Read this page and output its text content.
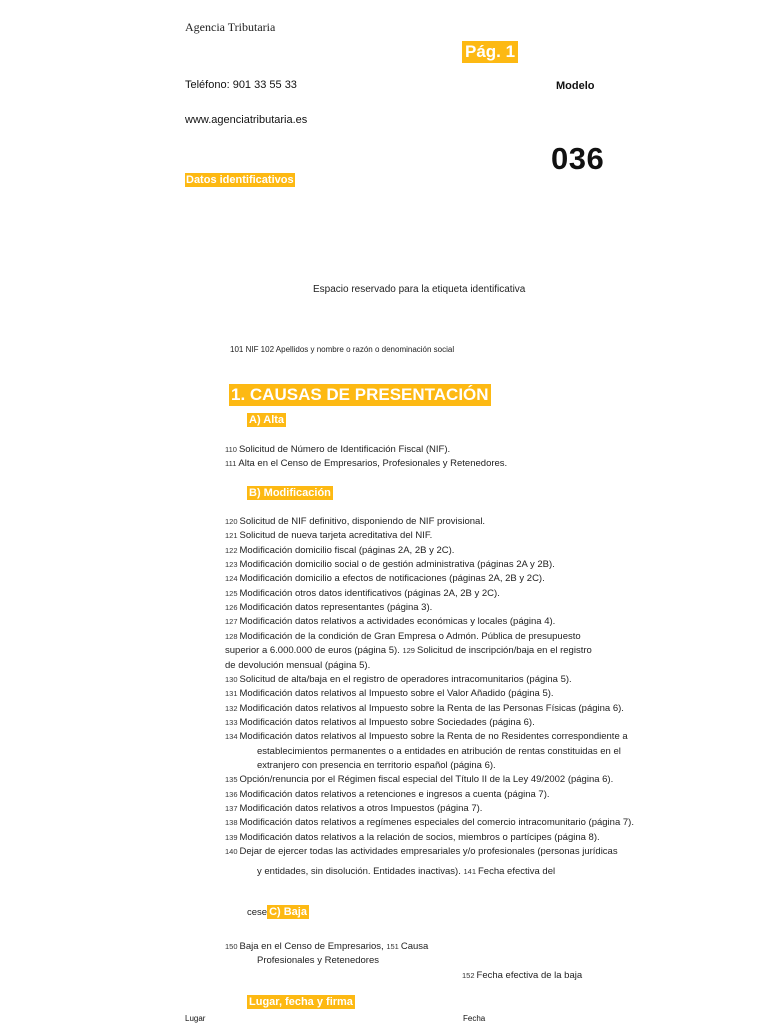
Agencia Tributaria
Pág. 1
Teléfono: 901 33 55 33	Modelo
www.agenciatributaria.es
036
Datos identificativos
Espacio reservado para la etiqueta identificativa
101 NIF 102 Apellidos y nombre o razón o denominación social
1. CAUSAS DE PRESENTACIÓN
A) Alta
110 Solicitud de Número de Identificación Fiscal (NIF).
111 Alta en el Censo de Empresarios, Profesionales y Retenedores.
B) Modificación
120 Solicitud de NIF definitivo, disponiendo de NIF provisional.
121 Solicitud de nueva tarjeta acreditativa del NIF.
122 Modificación domicilio fiscal (páginas 2A, 2B y 2C).
123 Modificación domicilio social o de gestión administrativa (páginas 2A y 2B).
124 Modificación domicilio a efectos de notificaciones (páginas 2A, 2B y 2C).
125 Modificación otros datos identificativos (páginas 2A, 2B y 2C).
126 Modificación datos representantes (página 3).
127 Modificación datos relativos a actividades económicas y locales (página 4).
128 Modificación de la condición de Gran Empresa o Admón. Pública de presupuesto
superior a 6.000.000 de euros (página 5). 129 Solicitud de inscripción/baja en el registro
de devolución mensual (página 5).
130 Solicitud de alta/baja en el registro de operadores intracomunitarios (página 5).
131 Modificación datos relativos al Impuesto sobre el Valor Añadido (página 5).
132 Modificación datos relativos al Impuesto sobre la Renta de las Personas Físicas (página 6).
133 Modificación datos relativos al Impuesto sobre Sociedades (página 6).
134 Modificación datos relativos al Impuesto sobre la Renta de no Residentes correspondiente a
establecimientos permanentes o a entidades en atribución de rentas constituidas en el
extranjero con presencia en territorio español (página 6).
135 Opción/renuncia por el Régimen fiscal especial del Título II de la Ley 49/2002 (página 6).
136 Modificación datos relativos a retenciones e ingresos a cuenta (página 7).
137 Modificación datos relativos a otros Impuestos (página 7).
138 Modificación datos relativos a regímenes especiales del comercio intracomunitario (página 7).
139 Modificación datos relativos a la relación de socios, miembros o partícipes (página 8).
140 Dejar de ejercer todas las actividades empresariales y/o profesionales (personas jurídicas
y entidades, sin disolución. Entidades inactivas). 141 Fecha efectiva del
cese C) Baja
150 Baja en el Censo de Empresarios, 151 Causa
Profesionales y Retenedores
152 Fecha efectiva de la baja
Lugar, fecha y firma
Lugar	Fecha
